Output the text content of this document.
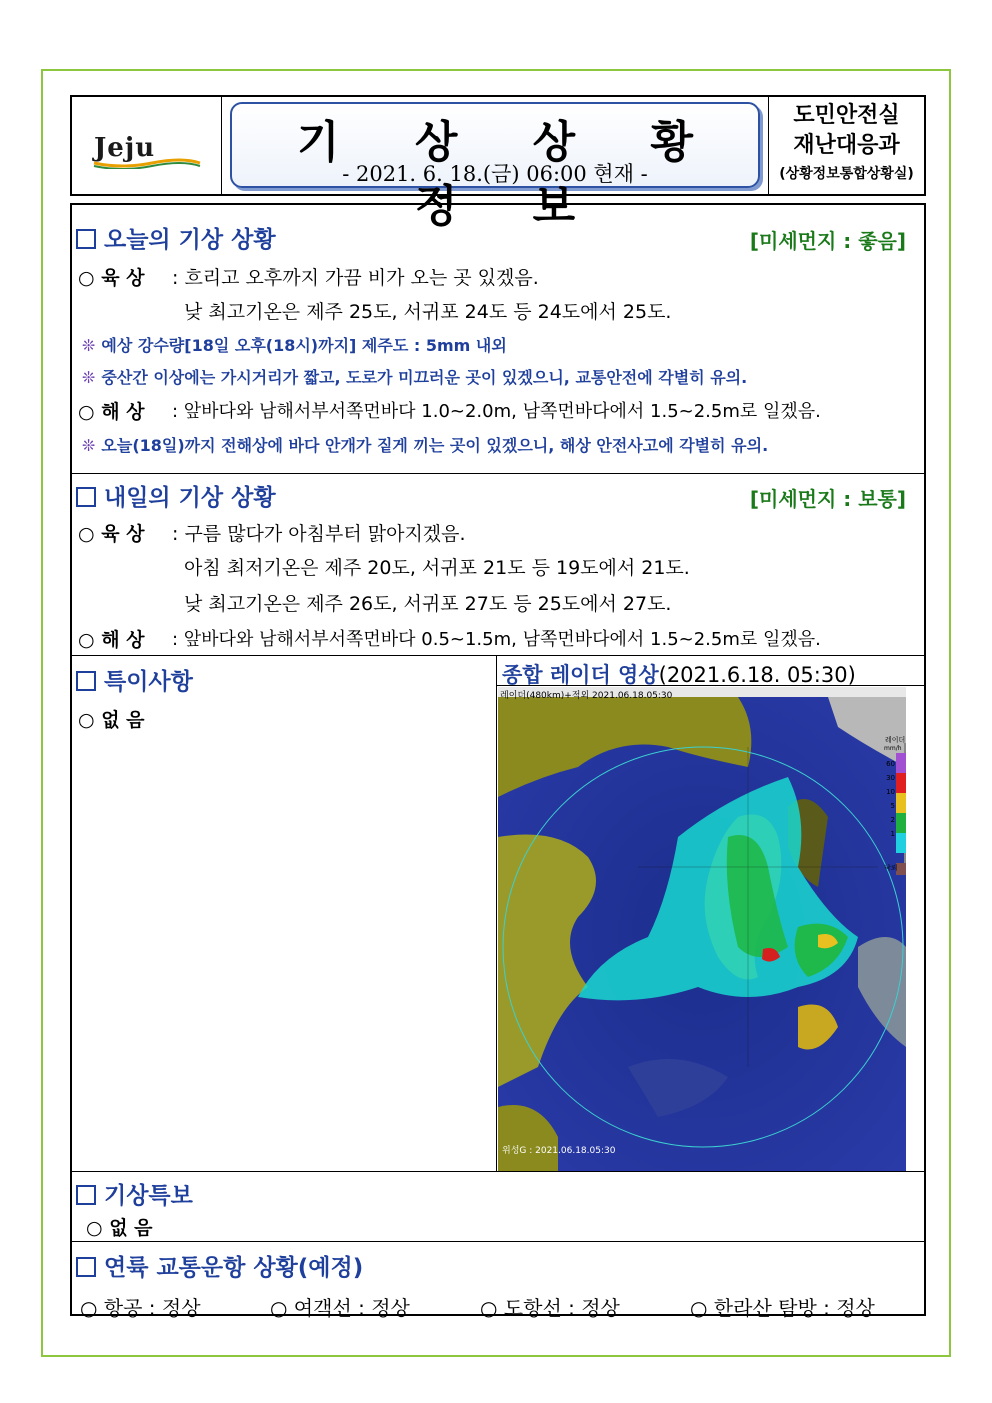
Jeju	기 상 상 황 정 보
- 2021. 6. 18.(금) 06:00 현재 -
도민안전실
재난대응과
(상황정보통합상황실)
오늘의 기상 상황	[미세먼지 : 좋음]
○ 육 상 : 흐리고 오후까지 가끔 비가 오는 곳 있겠음.
낮 최고기온은 제주 25도, 서귀포 24도 등 24도에서 25도.
❊ 예상 강수량[18일 오후(18시)까지] 제주도 : 5mm 내외
❊ 중산간 이상에는 가시거리가 짧고, 도로가 미끄러운 곳이 있겠으니, 교통안전에 각별히 유의.
○ 해 상 : 앞바다와 남해서부서쪽먼바다 1.0~2.0m, 남쪽먼바다에서 1.5~2.5m로 일겠음.
❊ 오늘(18일)까지 전해상에 바다 안개가 짙게 끼는 곳이 있겠으니, 해상 안전사고에 각별히 유의.
내일의 기상 상황	[미세먼지 : 보통]
○ 육 상 : 구름 많다가 아침부터 맑아지겠음.
아침 최저기온은 제주 20도, 서귀포 21도 등 19도에서 21도.
낮 최고기온은 제주 26도, 서귀포 27도 등 25도에서 27도.
○ 해 상 : 앞바다와 남해서부서쪽먼바다 0.5~1.5m, 남쪽먼바다에서 1.5~2.5m로 일겠음.
특이사항
○ 없 음
종합 레이더 영상(2021.6.18. 05:30)
레이더(480km)+적외 2021.06.18.05:30
위성G : 2021.06.18.05:30
레이더
mm/h
60
30
10
5
2
1
낙뢰
기상특보
○ 없 음
연륙 교통운항 상황(예정)
○ 항공 : 정상	○ 여객선 : 정상	○ 도항선 : 정상	○ 한라산 탐방 : 정상
